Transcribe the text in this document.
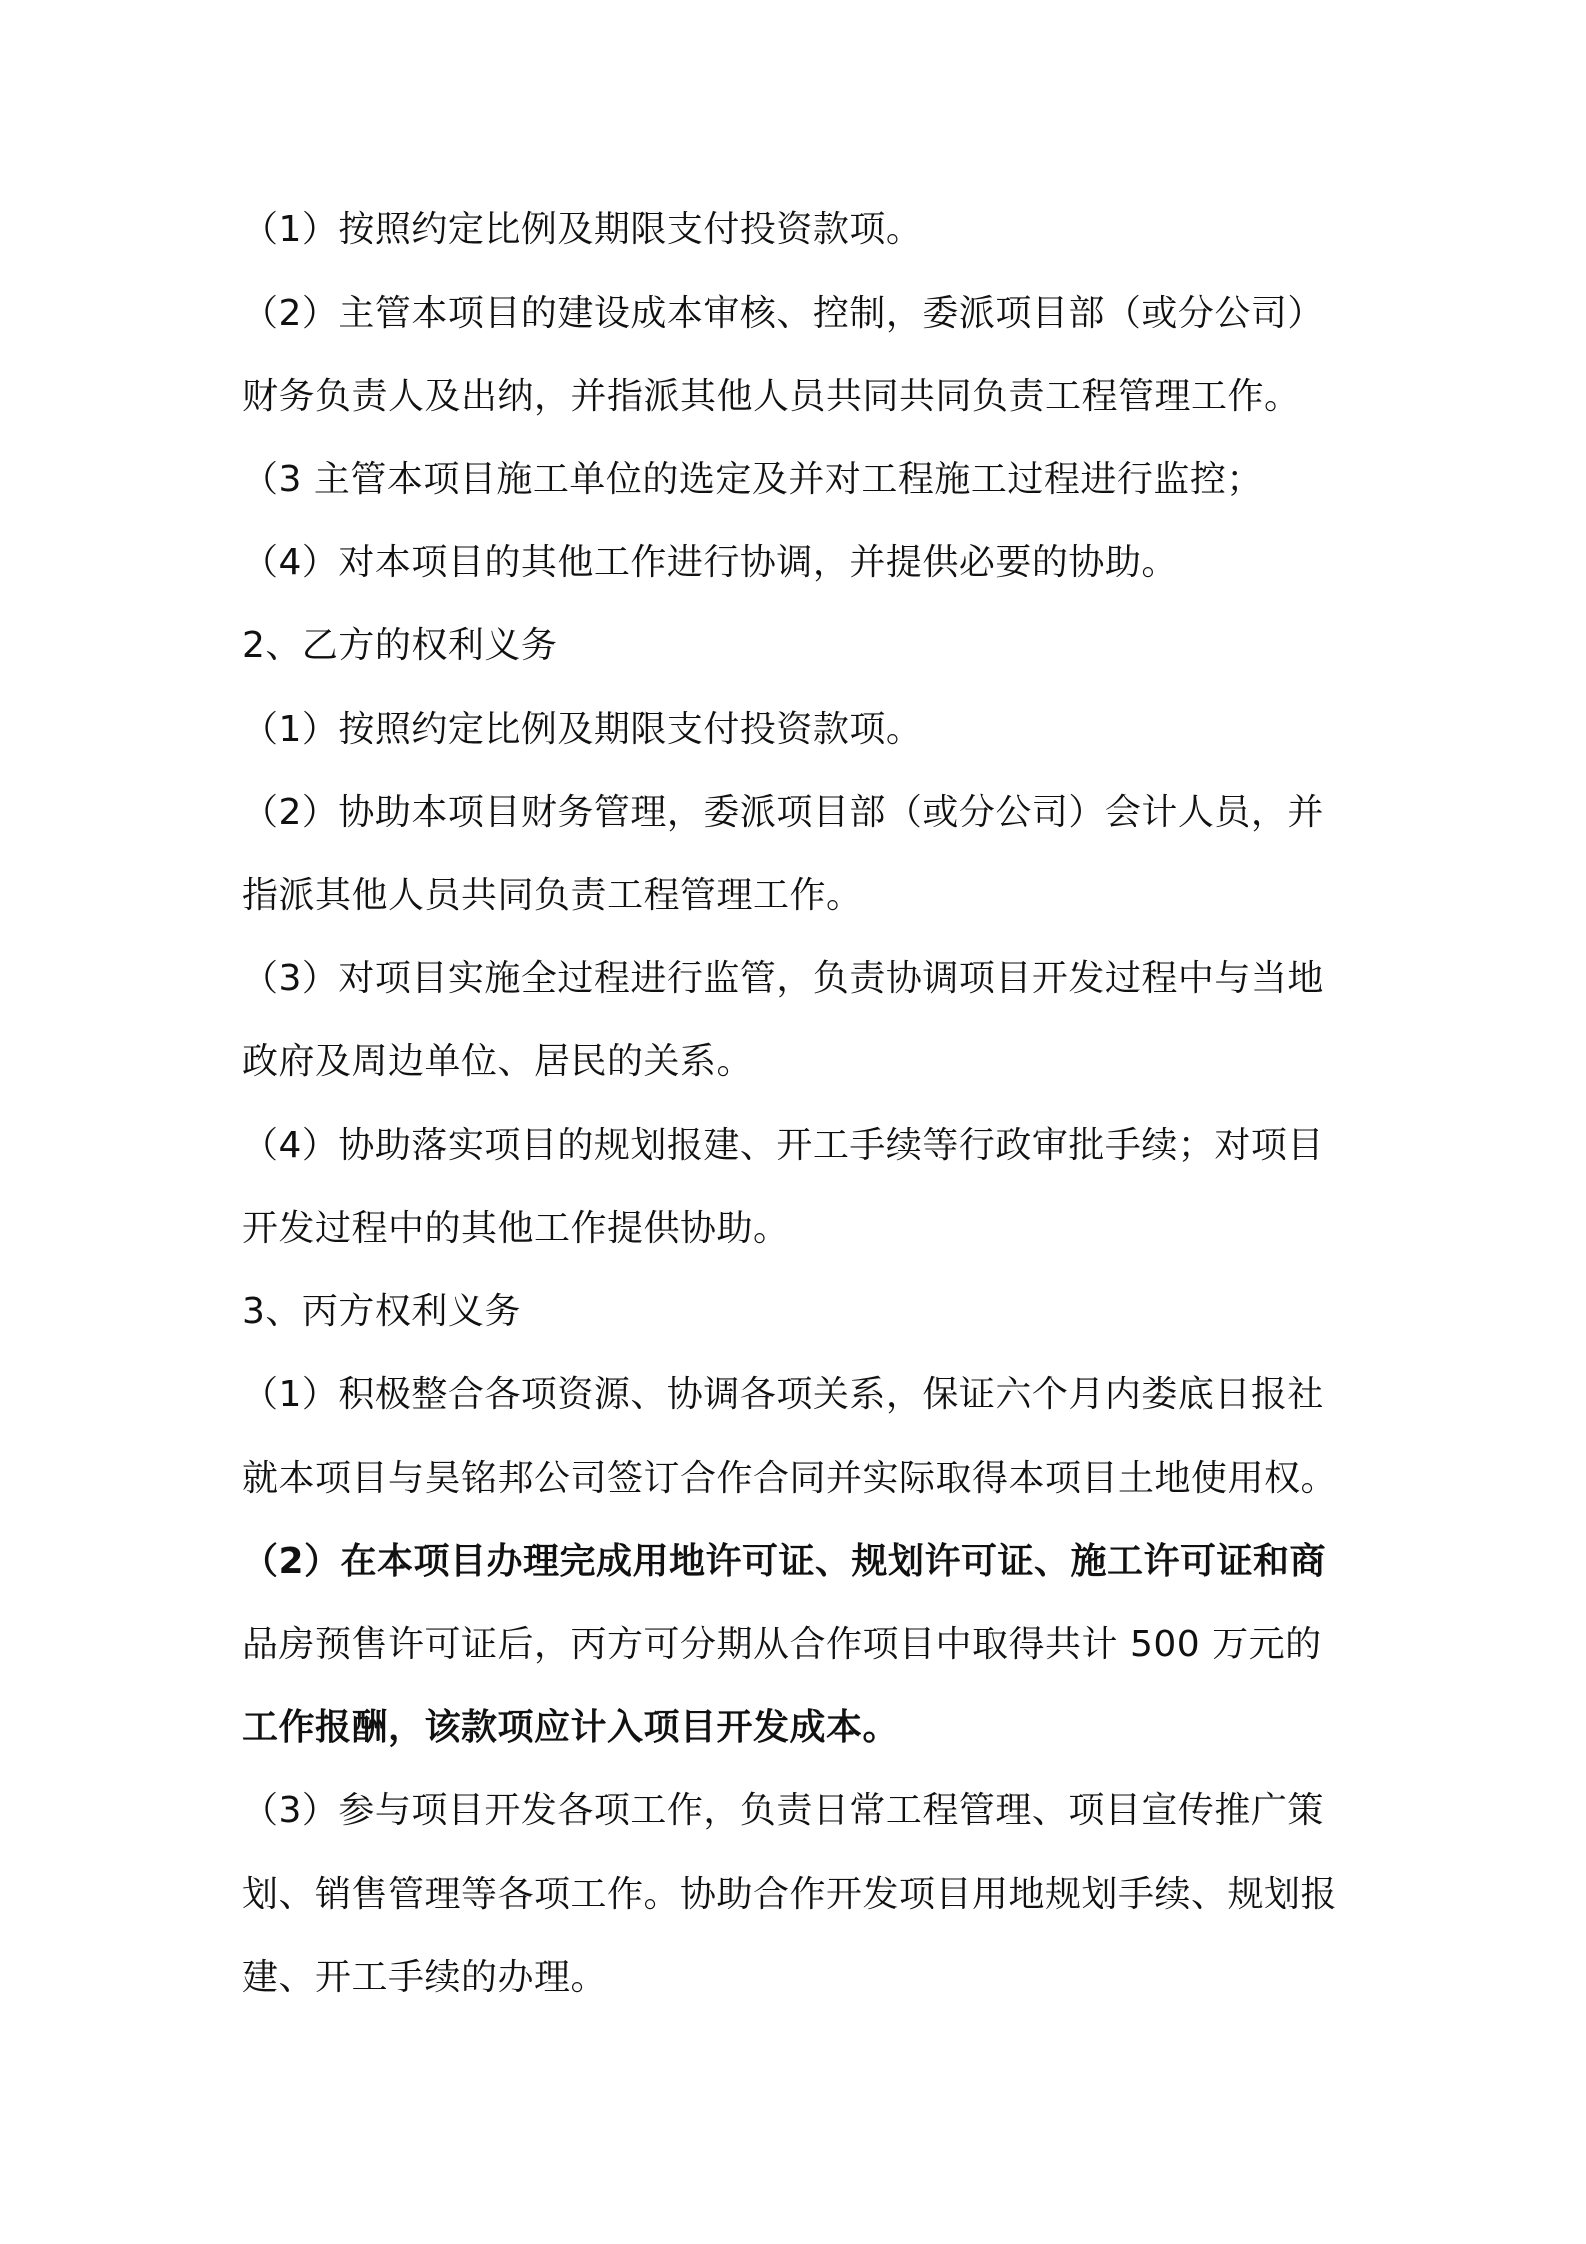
（1）按照约定比例及期限支付投资款项。
（2）主管本项目的建设成本审核、控制，委派项目部（或分公司）
财务负责人及出纳，并指派其他人员共同共同负责工程管理工作。
（3 主管本项目施工单位的选定及并对工程施工过程进行监控；
（4）对本项目的其他工作进行协调，并提供必要的协助。
2、乙方的权利义务
（1）按照约定比例及期限支付投资款项。
（2）协助本项目财务管理，委派项目部（或分公司）会计人员，并
指派其他人员共同负责工程管理工作。
（3）对项目实施全过程进行监管，负责协调项目开发过程中与当地
政府及周边单位、居民的关系。
（4）协助落实项目的规划报建、开工手续等行政审批手续；对项目
开发过程中的其他工作提供协助。
3、丙方权利义务
（1）积极整合各项资源、协调各项关系，保证六个月内娄底日报社
就本项目与昊铭邦公司签订合作合同并实际取得本项目土地使用权。
（2）在本项目办理完成用地许可证、规划许可证、施工许可证和商
品房预售许可证后，丙方可分期从合作项目中取得共计 500 万元的
工作报酬，该款项应计入项目开发成本。
（3）参与项目开发各项工作，负责日常工程管理、项目宣传推广策
划、销售管理等各项工作。协助合作开发项目用地规划手续、规划报
建、开工手续的办理。
